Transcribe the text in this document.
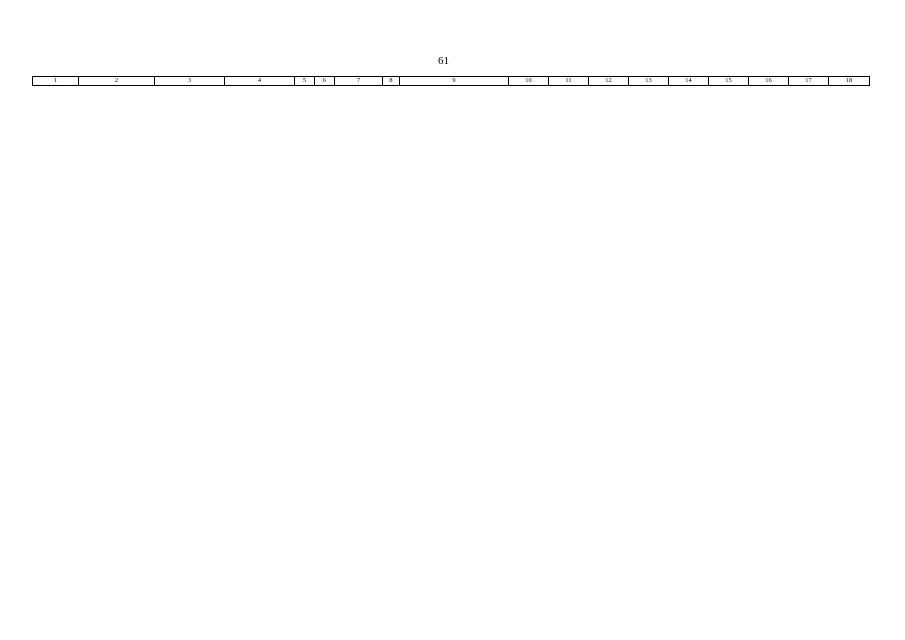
61
1	2	3	4	5	6	7	8	9	10	11	12	13	14	15	16	17	18
